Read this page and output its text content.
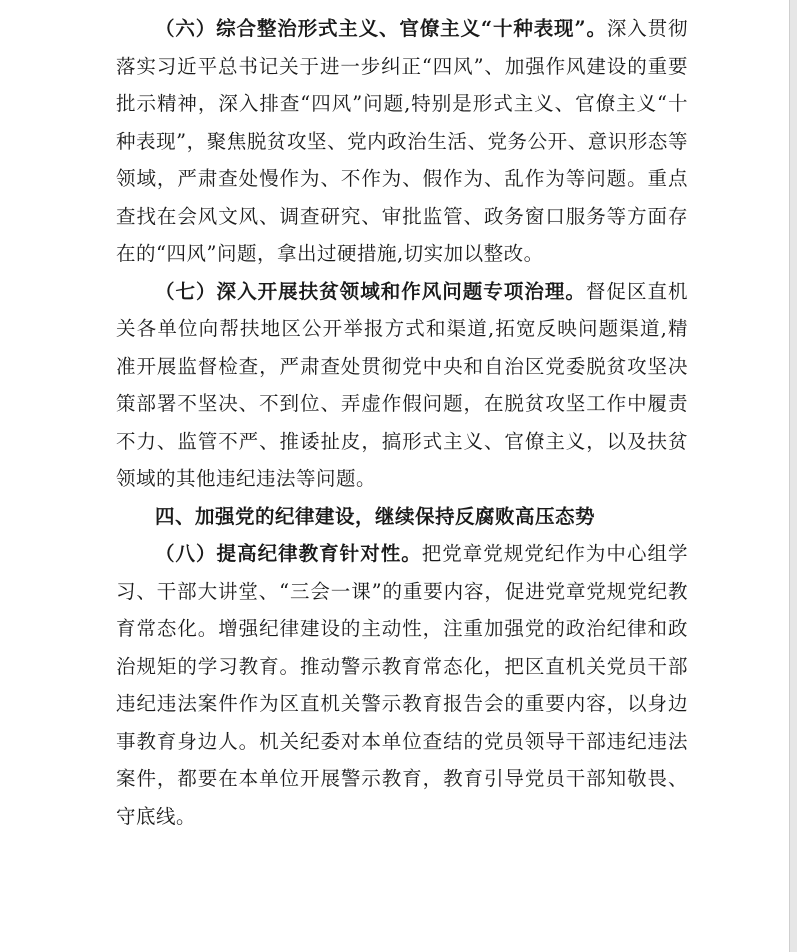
（六）综合整治形式主义、官僚主义“十种表现”。深入贯彻落实习近平总书记关于进一步纠正“四风”、加强作风建设的重要批示精神，深入排查“四风”问题,特别是形式主义、官僚主义“十种表现”，聚焦脱贫攻坚、党内政治生活、党务公开、意识形态等领域，严肃查处慢作为、不作为、假作为、乱作为等问题。重点查找在会风文风、调查研究、审批监管、政务窗口服务等方面存在的“四风”问题，拿出过硬措施,切实加以整改。

（七）深入开展扶贫领域和作风问题专项治理。督促区直机关各单位向帮扶地区公开举报方式和渠道,拓宽反映问题渠道,精准开展监督检查，严肃查处贯彻党中央和自治区党委脱贫攻坚决策部署不坚决、不到位、弄虚作假问题，在脱贫攻坚工作中履责不力、监管不严、推诿扯皮，搞形式主义、官僚主义，以及扶贫领域的其他违纪违法等问题。

四、加强党的纪律建设，继续保持反腐败高压态势

（八）提高纪律教育针对性。把党章党规党纪作为中心组学习、干部大讲堂、“三会一课”的重要内容，促进党章党规党纪教育常态化。增强纪律建设的主动性，注重加强党的政治纪律和政治规矩的学习教育。推动警示教育常态化，把区直机关党员干部违纪违法案件作为区直机关警示教育报告会的重要内容，以身边事教育身边人。机关纪委对本单位查结的党员领导干部违纪违法案件，都要在本单位开展警示教育，教育引导党员干部知敬畏、守底线。
